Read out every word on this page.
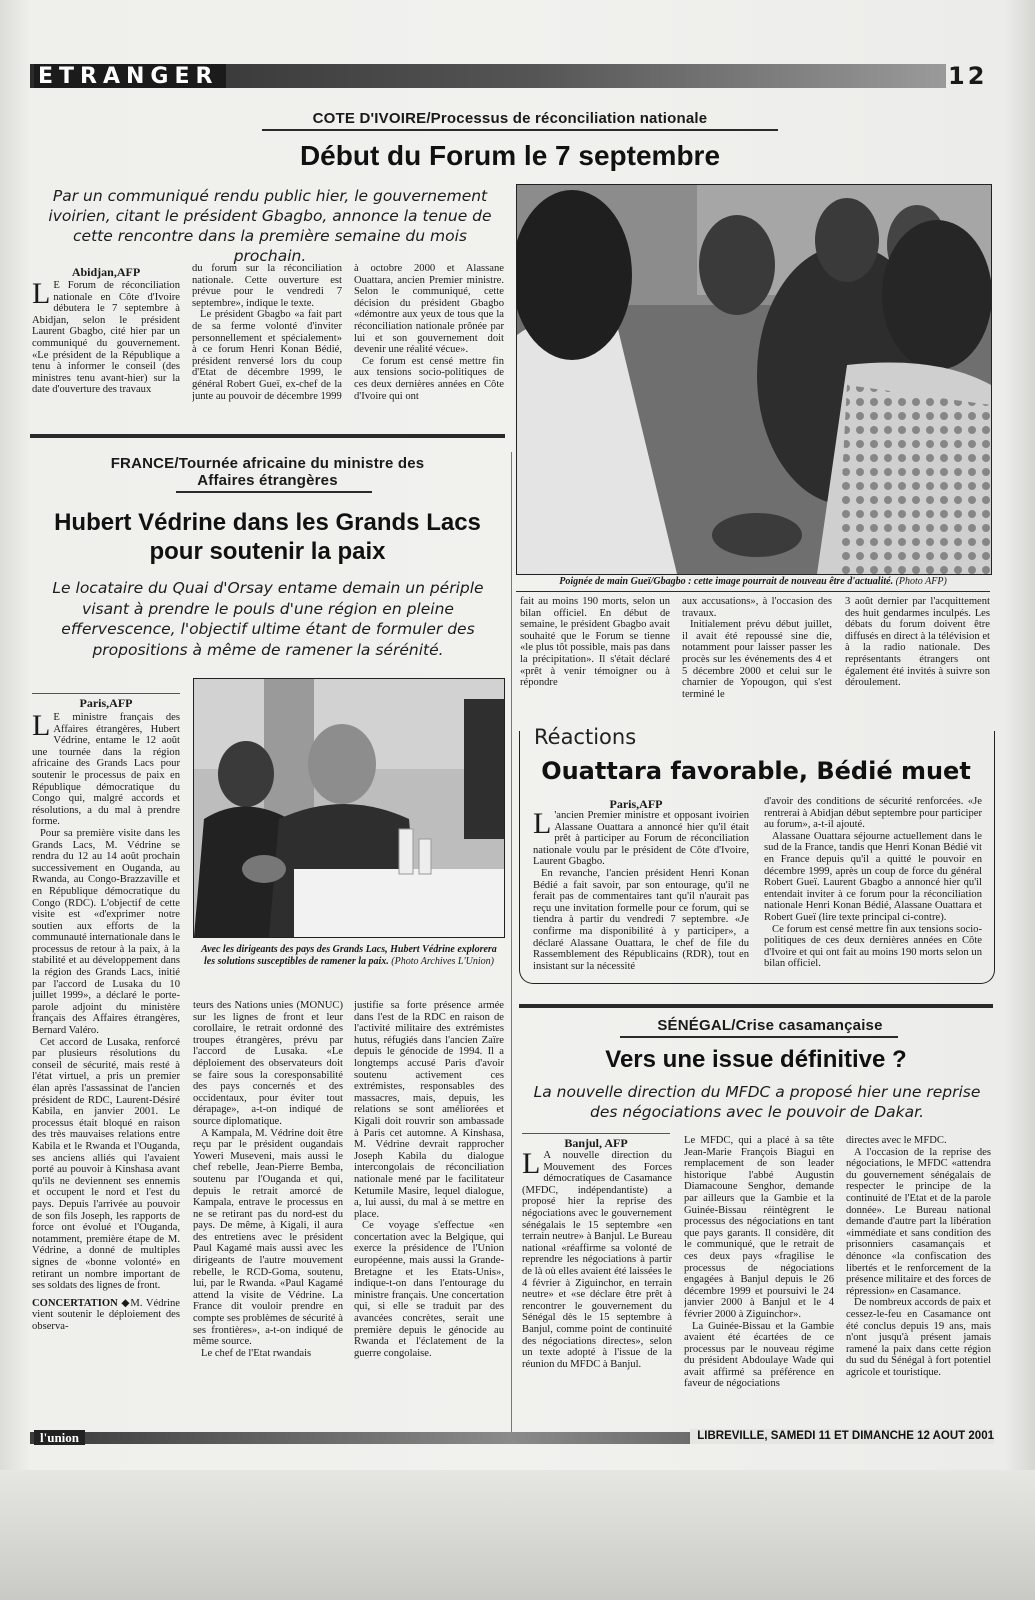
ETRANGER	12
COTE D'IVOIRE/Processus de réconciliation nationale
Début du Forum le 7 septembre
Par un communiqué rendu public hier, le gouvernement ivoirien, citant le président Gbagbo, annonce la tenue de cette rencontre dans la première semaine du mois prochain.
Abidjan,AFP
L E Forum de réconciliation nationale en Côte d'Ivoire débutera le 7 septembre à Abidjan, selon le président Laurent Gbagbo, cité hier par un communiqué du gouvernement. «Le président de la République a tenu à informer le conseil (des ministres tenu avant-hier) sur la date d'ouverture des travaux

du forum sur la réconciliation nationale. Cette ouverture est prévue pour le vendredi 7 septembre», indique le texte.

Le président Gbagbo «a fait part de sa ferme volonté d'inviter personnellement et spécialement» à ce forum Henri Konan Bédié, président renversé lors du coup d'Etat de décembre 1999, le général Robert Gueï, ex-chef de la junte au pouvoir de décembre 1999

à octobre 2000 et Alassane Ouattara, ancien Premier ministre. Selon le communiqué, cette décision du président Gbagbo «démontre aux yeux de tous que la réconciliation nationale prônée par lui et son gouvernement doit devenir une réalité vécue».

Ce forum est censé mettre fin aux tensions socio-politiques de ces deux dernières années en Côte d'Ivoire qui ont

Poignée de main Gueï/Gbagbo : cette image pourrait de nouveau être d'actualité. (Photo AFP)

fait au moins 190 morts, selon un bilan officiel. En début de semaine, le président Gbagbo avait souhaité que le Forum se tienne «le plus tôt possible, mais pas dans la précipitation». Il s'était déclaré «prêt à venir témoigner ou à répondre

aux accusations», à l'occasion des travaux.

Initialement prévu début juillet, il avait été repoussé sine die, notamment pour laisser passer les procès sur les événements des 4 et 5 décembre 2000 et celui sur le charnier de Yopougon, qui s'est terminé le

3 août dernier par l'acquittement des huit gendarmes inculpés. Les débats du forum doivent être diffusés en direct à la télévision et à la radio nationale. Des représentants étrangers ont également été invités à suivre son déroulement.

Réactions
Ouattara favorable, Bédié muet
Paris,AFP

L 'ancien Premier ministre et opposant ivoirien Alassane Ouattara a annoncé hier qu'il était prêt à participer au Forum de réconciliation nationale voulu par le président de Côte d'Ivoire, Laurent Gbagbo.

En revanche, l'ancien président Henri Konan Bédié a fait savoir, par son entourage, qu'il ne ferait pas de commentaires tant qu'il n'aurait pas reçu une invitation formelle pour ce forum, qui se tiendra à partir du vendredi 7 septembre. «Je confirme ma disponibilité à y participer», a déclaré Alassane Ouattara, le chef de file du Rassemblement des Républicains (RDR), tout en insistant sur la nécessité

d'avoir des conditions de sécurité renforcées. «Je rentrerai à Abidjan début septembre pour participer au forum», a-t-il ajouté.

Alassane Ouattara séjourne actuellement dans le sud de la France, tandis que Henri Konan Bédié vit en France depuis qu'il a quitté le pouvoir en décembre 1999, après un coup de force du général Robert Gueï. Laurent Gbagbo a annoncé hier qu'il entendait inviter à ce forum pour la réconciliation nationale Henri Konan Bédié, Alassane Ouattara et Robert Gueï (lire texte principal ci-contre).

Ce forum est censé mettre fin aux tensions socio-politiques de ces deux dernières années en Côte d'Ivoire et qui ont fait au moins 190 morts selon un bilan officiel.

FRANCE/Tournée africaine du ministre des
Affaires étrangères
Hubert Védrine dans les Grands Lacs pour soutenir la paix
Le locataire du Quai d'Orsay entame demain un périple visant à prendre le pouls d'une région en pleine effervescence, l'objectif ultime étant de formuler des propositions à même de ramener la sérénité.
Paris,AFP

L E ministre français des Affaires étrangères, Hubert Védrine, entame le 12 août une tournée dans la région africaine des Grands Lacs pour soutenir le processus de paix en République démocratique du Congo qui, malgré accords et résolutions, a du mal à prendre forme.

Pour sa première visite dans les Grands Lacs, M. Védrine se rendra du 12 au 14 août prochain successivement en Ouganda, au Rwanda, au Congo-Brazzaville et en République démocratique du Congo (RDC). L'objectif de cette visite est «d'exprimer notre soutien aux efforts de la communauté internationale dans le processus de retour à la paix, à la stabilité et au développement dans la région des Grands Lacs, initié par l'accord de Lusaka du 10 juillet 1999», a déclaré le porte-parole adjoint du ministère français des Affaires étrangères, Bernard Valéro.

Cet accord de Lusaka, renforcé par plusieurs résolutions du conseil de sécurité, mais resté à l'état virtuel, a pris un premier élan après l'assassinat de l'ancien président de RDC, Laurent-Désiré Kabila, en janvier 2001. Le processus était bloqué en raison des très mauvaises relations entre Kabila et le Rwanda et l'Ouganda, ses anciens alliés qui l'avaient porté au pouvoir à Kinshasa avant qu'ils ne deviennent ses ennemis et occupent le nord et l'est du pays. Depuis l'arrivée au pouvoir de son fils Joseph, les rapports de force ont évolué et l'Ouganda, notamment, première étape de M. Védrine, a donné de multiples signes de «bonne volonté» en retirant un nombre important de ses soldats des lignes de front.

CONCERTATION ◆M. Védrine vient soutenir le déploiement des observa-

Avec les dirigeants des pays des Grands Lacs, Hubert Védrine explorera les solutions susceptibles de ramener la paix. (Photo Archives L'Union)

teurs des Nations unies (MONUC) sur les lignes de front et leur corollaire, le retrait ordonné des troupes étrangères, prévu par l'accord de Lusaka. «Le déploiement des observateurs doit se faire sous la coresponsabilité des pays concernés et des occidentaux, pour éviter tout dérapage», a-t-on indiqué de source diplomatique.

A Kampala, M. Védrine doit être reçu par le président ougandais Yoweri Museveni, mais aussi le chef rebelle, Jean-Pierre Bemba, soutenu par l'Ouganda et qui, depuis le retrait amorcé de Kampala, entrave le processus en ne se retirant pas du nord-est du pays. De même, à Kigali, il aura des entretiens avec le président Paul Kagamé mais aussi avec les dirigeants de l'autre mouvement rebelle, le RCD-Goma, soutenu, lui, par le Rwanda. «Paul Kagamé attend la visite de Védrine. La France dit vouloir prendre en compte ses problèmes de sécurité à ses frontières», a-t-on indiqué de même source.

Le chef de l'Etat rwandais

justifie sa forte présence armée dans l'est de la RDC en raison de l'activité militaire des extrémistes hutus, réfugiés dans l'ancien Zaïre depuis le génocide de 1994. Il a longtemps accusé Paris d'avoir soutenu activement ces extrémistes, responsables des massacres, mais, depuis, les relations se sont améliorées et Kigali doit rouvrir son ambassade à Paris cet automne. A Kinshasa, M. Védrine devrait rapprocher Joseph Kabila du dialogue intercongolais de réconciliation nationale mené par le facilitateur Ketumile Masire, lequel dialogue, a, lui aussi, du mal à se mettre en place.

Ce voyage s'effectue «en concertation avec la Belgique, qui exerce la présidence de l'Union européenne, mais aussi la Grande-Bretagne et les Etats-Unis», indique-t-on dans l'entourage du ministre français. Une concertation qui, si elle se traduit par des avancées concrètes, serait une première depuis le génocide au Rwanda et l'éclatement de la guerre congolaise.

SÉNÉGAL/Crise casamançaise
Vers une issue définitive ?
La nouvelle direction du MFDC a proposé hier une reprise des négociations avec le pouvoir de Dakar.
Banjul, AFP

L A nouvelle direction du Mouvement des Forces démocratiques de Casamance (MFDC, indépendantiste) a proposé hier la reprise des négociations avec le gouvernement sénégalais le 15 septembre «en terrain neutre» à Banjul. Le Bureau national «réaffirme sa volonté de reprendre les négociations à partir de là où elles avaient été laissées le 4 février à Ziguinchor, en terrain neutre» et «se déclare être prêt à rencontrer le gouvernement du Sénégal dès le 15 septembre à Banjul, comme point de continuité des négociations directes», selon un texte adopté à l'issue de la réunion du MFDC à Banjul.

Le MFDC, qui a placé à sa tête Jean-Marie François Biagui en remplacement de son leader historique l'abbé Augustin Diamacoune Senghor, demande par ailleurs que la Gambie et la Guinée-Bissau réintègrent le processus des négociations en tant que pays garants. Il considère, dit le communiqué, que le retrait de ces deux pays «fragilise le processus de négociations engagées à Banjul depuis le 26 décembre 1999 et poursuivi le 24 janvier 2000 à Banjul et le 4 février 2000 à Ziguinchor».

La Guinée-Bissau et la Gambie avaient été écartées de ce processus par le nouveau régime du président Abdoulaye Wade qui avait affirmé sa préférence en faveur de négociations

directes avec le MFDC.

A l'occasion de la reprise des négociations, le MFDC «attendra du gouvernement sénégalais de respecter le principe de la continuité de l'Etat et de la parole donnée». Le Bureau national demande d'autre part la libération «immédiate et sans condition des prisonniers casamançais et dénonce «la confiscation des libertés et le renforcement de la présence militaire et des forces de répression» en Casamance.

De nombreux accords de paix et cessez-le-feu en Casamance ont été conclus depuis 19 ans, mais n'ont jusqu'à présent jamais ramené la paix dans cette région du sud du Sénégal à fort potentiel agricole et touristique.

l'union	LIBREVILLE, SAMEDI 11 ET DIMANCHE 12 AOUT 2001
